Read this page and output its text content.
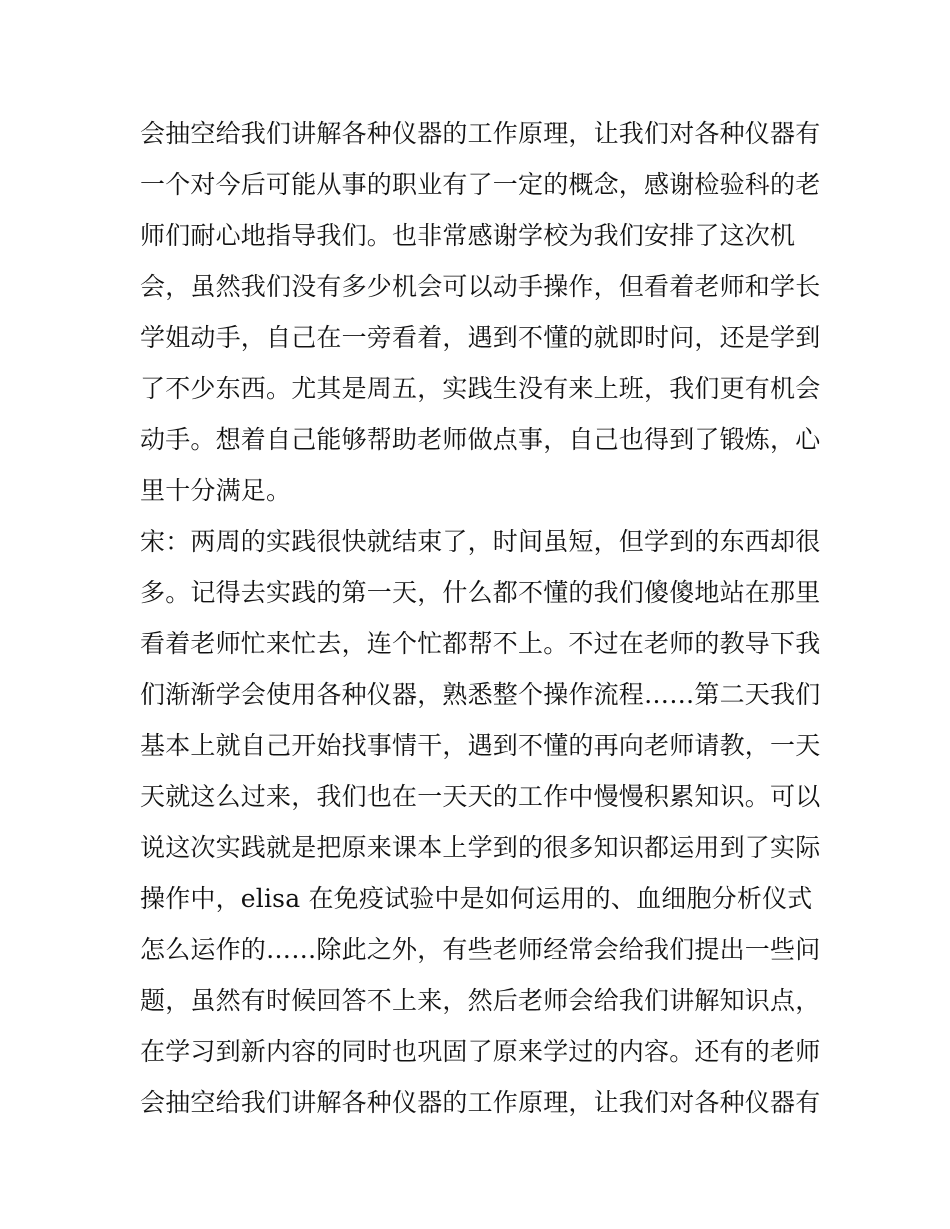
会抽空给我们讲解各种仪器的工作原理，让我们对各种仪器有
一个对今后可能从事的职业有了一定的概念，感谢检验科的老
师们耐心地指导我们。也非常感谢学校为我们安排了这次机
会，虽然我们没有多少机会可以动手操作，但看着老师和学长
学姐动手，自己在一旁看着，遇到不懂的就即时问，还是学到
了不少东西。尤其是周五，实践生没有来上班，我们更有机会
动手。想着自己能够帮助老师做点事，自己也得到了锻炼，心
里十分满足。
宋：两周的实践很快就结束了，时间虽短，但学到的东西却很
多。记得去实践的第一天，什么都不懂的我们傻傻地站在那里
看着老师忙来忙去，连个忙都帮不上。不过在老师的教导下我
们渐渐学会使用各种仪器，熟悉整个操作流程……第二天我们
基本上就自己开始找事情干，遇到不懂的再向老师请教，一天
天就这么过来，我们也在一天天的工作中慢慢积累知识。可以
说这次实践就是把原来课本上学到的很多知识都运用到了实际
操作中，elisa 在免疫试验中是如何运用的、血细胞分析仪式
怎么运作的……除此之外，有些老师经常会给我们提出一些问
题，虽然有时候回答不上来，然后老师会给我们讲解知识点，
在学习到新内容的同时也巩固了原来学过的内容。还有的老师
会抽空给我们讲解各种仪器的工作原理，让我们对各种仪器有
